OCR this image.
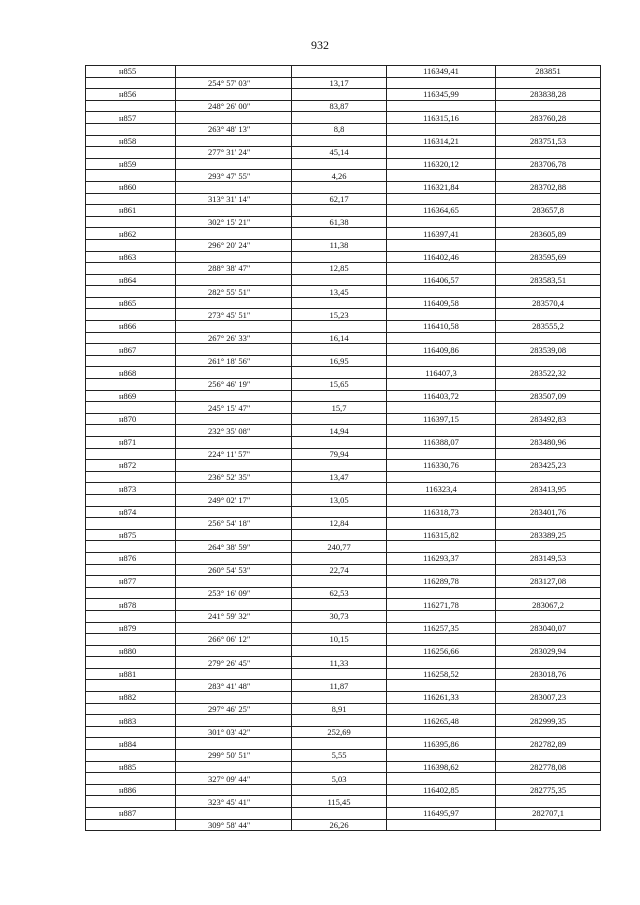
932
н855			116349,41	283851
	254° 57' 03"	13,17		
н856			116345,99	283838,28
	248° 26' 00"	83,87		
н857			116315,16	283760,28
	263° 48' 13"	8,8		
н858			116314,21	283751,53
	277° 31' 24"	45,14		
н859			116320,12	283706,78
	293° 47' 55"	4,26		
н860			116321,84	283702,88
	313° 31' 14"	62,17		
н861			116364,65	283657,8
	302° 15' 21"	61,38		
н862			116397,41	283605,89
	296° 20' 24"	11,38		
н863			116402,46	283595,69
	288° 38' 47"	12,85		
н864			116406,57	283583,51
	282° 55' 51"	13,45		
н865			116409,58	283570,4
	273° 45' 51"	15,23		
н866			116410,58	283555,2
	267° 26' 33"	16,14		
н867			116409,86	283539,08
	261° 18' 56"	16,95		
н868			116407,3	283522,32
	256° 46' 19"	15,65		
н869			116403,72	283507,09
	245° 15' 47"	15,7		
н870			116397,15	283492,83
	232° 35' 08"	14,94		
н871			116388,07	283480,96
	224° 11' 57"	79,94		
н872			116330,76	283425,23
	236° 52' 35"	13,47		
н873			116323,4	283413,95
	249° 02' 17"	13,05		
н874			116318,73	283401,76
	256° 54' 18"	12,84		
н875			116315,82	283389,25
	264° 38' 59"	240,77		
н876			116293,37	283149,53
	260° 54' 53"	22,74		
н877			116289,78	283127,08
	253° 16' 09"	62,53		
н878			116271,78	283067,2
	241° 59' 32"	30,73		
н879			116257,35	283040,07
	266° 06' 12"	10,15		
н880			116256,66	283029,94
	279° 26' 45"	11,33		
н881			116258,52	283018,76
	283° 41' 48"	11,87		
н882			116261,33	283007,23
	297° 46' 25"	8,91		
н883			116265,48	282999,35
	301° 03' 42"	252,69		
н884			116395,86	282782,89
	299° 50' 51"	5,55		
н885			116398,62	282778,08
	327° 09' 44"	5,03		
н886			116402,85	282775,35
	323° 45' 41"	115,45		
н887			116495,97	282707,1
	309° 58' 44"	26,26		
